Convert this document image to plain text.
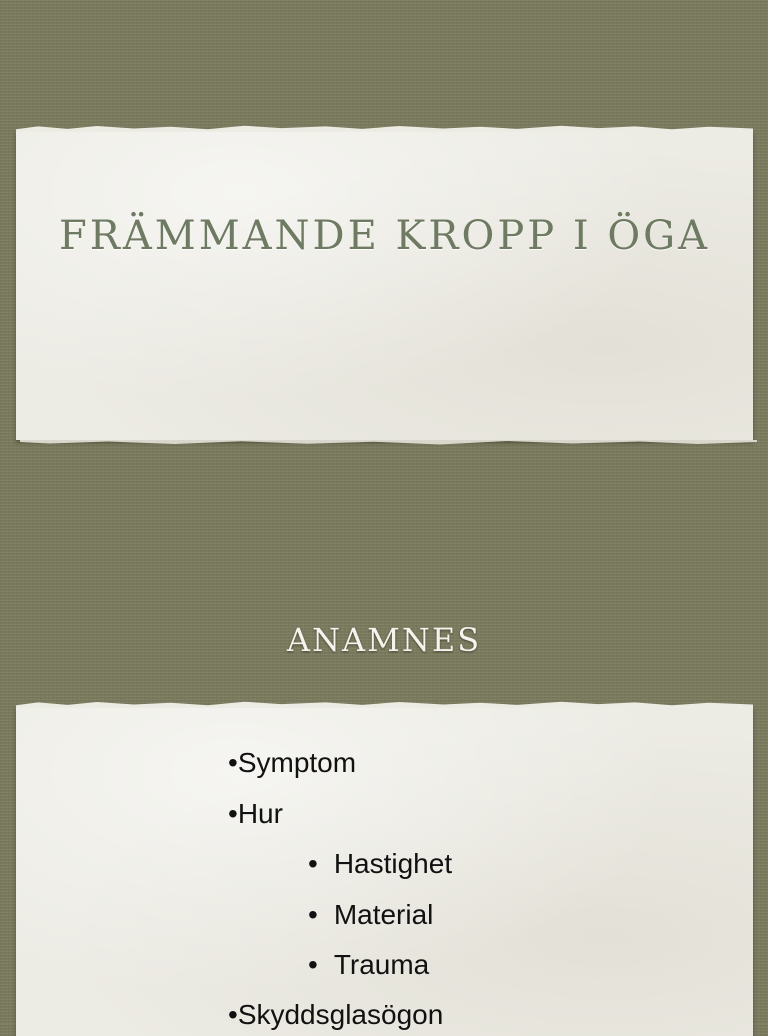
FRÄMMANDE KROPP I ÖGA
ANAMNES
•Symptom
•Hur
• Hastighet
• Material
• Trauma
•Skyddsglasögon
